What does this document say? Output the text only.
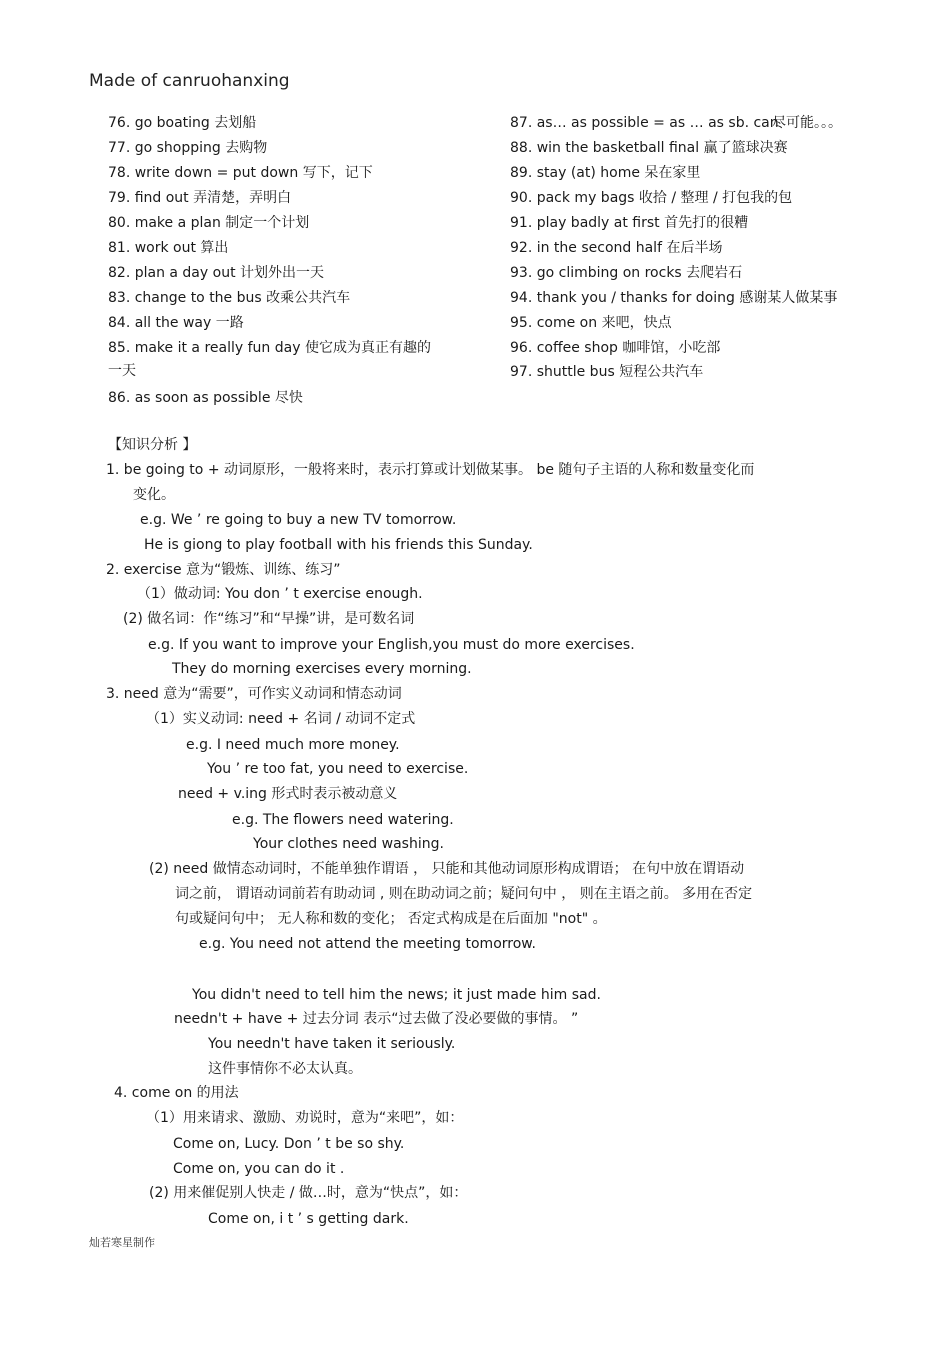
Made of canruohanxing
76. go boating 去划船
77. go shopping 去购物
78. write down = put down 写下，记下
79. find out 弄清楚，弄明白
80. make a plan 制定一个计划
81. work out 算出
82. plan a day out 计划外出一天
83. change to the bus 改乘公共汽车
84. all the way 一路
85. make it a really fun day 使它成为真正有趣的
一天
86. as soon as possible 尽快
87. as… as possible = as … as sb. can
尽可能。。。
88. win the basketball final 赢了篮球决赛
89. stay (at) home 呆在家里
90. pack my bags 收拾 / 整理 / 打包我的包
91. play badly at first 首先打的很糟
92. in the second half 在后半场
93. go climbing on rocks 去爬岩石
94. thank you / thanks for doing 感谢某人做某事
95. come on 来吧，快点
96. coffee shop 咖啡馆，小吃部
97. shuttle bus 短程公共汽车
【知识分析 】
1. be going to + 动词原形，一般将来时，表示打算或计划做某事。 be 随句子主语的人称和数量变化而
变化。
e.g. We ’ re going to buy a new TV tomorrow.
He is giong to play football with his friends this Sunday.
2. exercise 意为“锻炼、训练、练习”
（1）做动词: You don ’ t exercise enough.
(2) 做名词：作“练习”和“早操”讲，是可数名词
e.g. If you want to improve your English,you must do more exercises.
They do morning exercises every morning.
3. need 意为“需要”，可作实义动词和情态动词
（1）实义动词: need + 名词 / 动词不定式
e.g. I need much more money.
You ’ re too fat, you need to exercise.
need + v.ing 形式时表示被动意义
e.g. The flowers need watering.
Your clothes need washing.
(2) need 做情态动词时，不能单独作谓语 ， 只能和其他动词原形构成谓语； 在句中放在谓语动
词之前， 谓语动词前若有助动词 , 则在助动词之前；疑问句中 ， 则在主语之前。 多用在否定
句或疑问句中； 无人称和数的变化； 否定式构成是在后面加 "not" 。
e.g. You need not attend the meeting tomorrow.
You didn't need to tell him the news; it just made him sad.
needn't + have + 过去分词 表示“过去做了没必要做的事情。 ”
You needn't have taken it seriously.
这件事情你不必太认真。
4. come on 的用法
（1）用来请求、激励、劝说时，意为“来吧”，如：
Come on, Lucy. Don ’ t be so shy.
Come on, you can do it .
(2) 用来催促别人快走 / 做…时，意为“快点”，如：
Come on, i t ’ s getting dark.
灿若寒星制作
